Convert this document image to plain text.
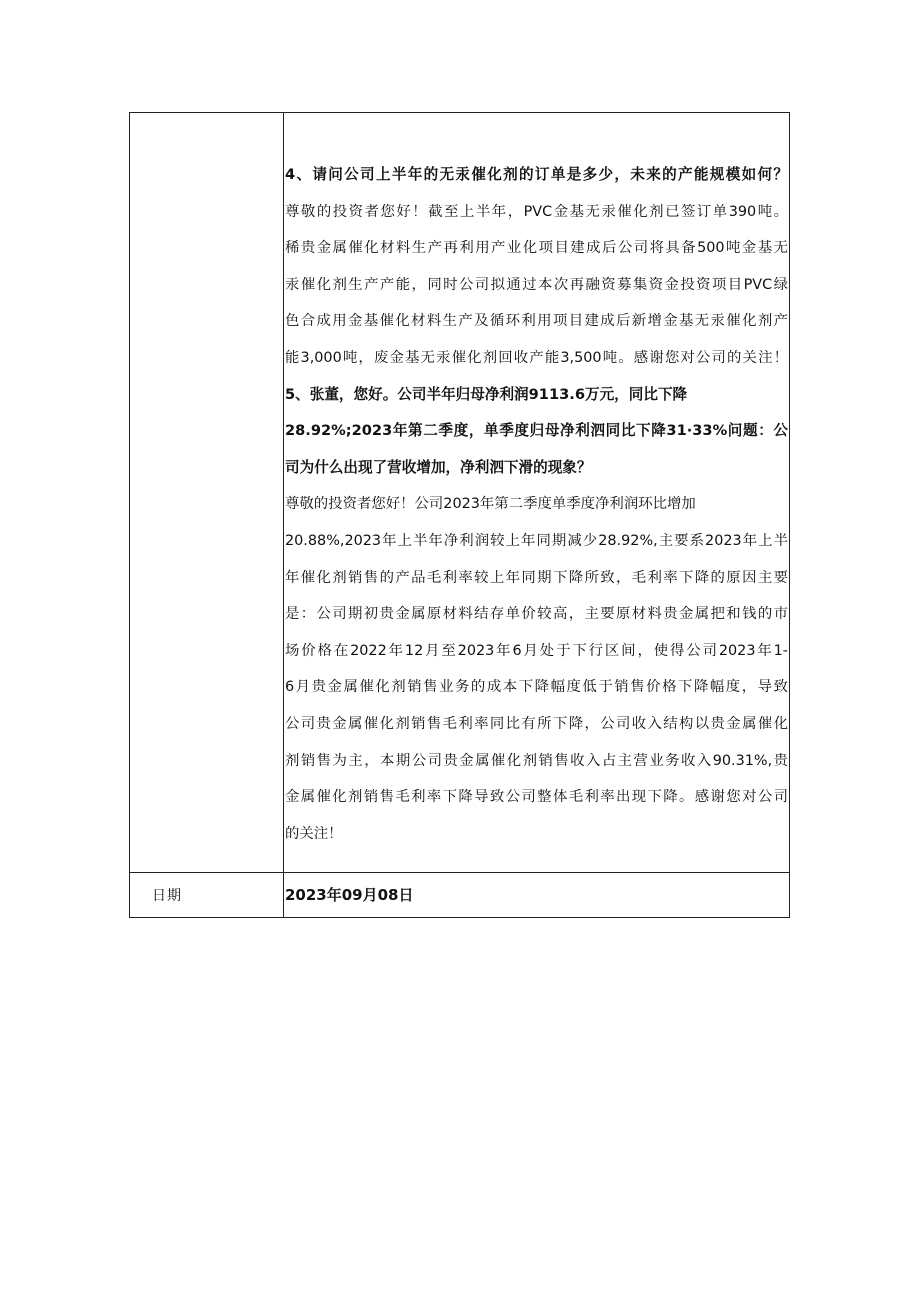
4、请问公司上半年的无汞催化剂的订单是多少，未来的产能规模如何？
尊敬的投资者您好！截至上半年，PVC金基无汞催化剂已签订单390吨。
稀贵金属催化材料生产再利用产业化项目建成后公司将具备500吨金基无
汞催化剂生产产能，同时公司拟通过本次再融资募集资金投资项目PVC绿
色合成用金基催化材料生产及循环利用项目建成后新增金基无汞催化剂产
能3,000吨，废金基无汞催化剂回收产能3,500吨。感谢您对公司的关注！
5、张董，您好。公司半年归母净利润9113.6万元，同比下降
28.92%;2023年第二季度，单季度归母净利泗同比下降31·33%问题：公
司为什么出现了营收增加，净利泗下滑的现象？
尊敬的投资者您好！公司2023年第二季度单季度净利润环比增加
20.88%,2023年上半年净利润较上年同期减少28.92%,主要系2023年上半
年催化剂销售的产品毛利率较上年同期下降所致，毛利率下降的原因主要
是：公司期初贵金属原材料结存单价较高，主要原材料贵金属把和钱的市
场价格在2022年12月至2023年6月处于下行区间，使得公司2023年1-
6月贵金属催化剂销售业务的成本下降幅度低于销售价格下降幅度，导致
公司贵金属催化剂销售毛利率同比有所下降，公司收入结构以贵金属催化
剂销售为主，本期公司贵金属催化剂销售收入占主营业务收入90.31%,贵
金属催化剂销售毛利率下降导致公司整体毛利率出现下降。感谢您对公司
的关注！
日期	2023年09月08日
